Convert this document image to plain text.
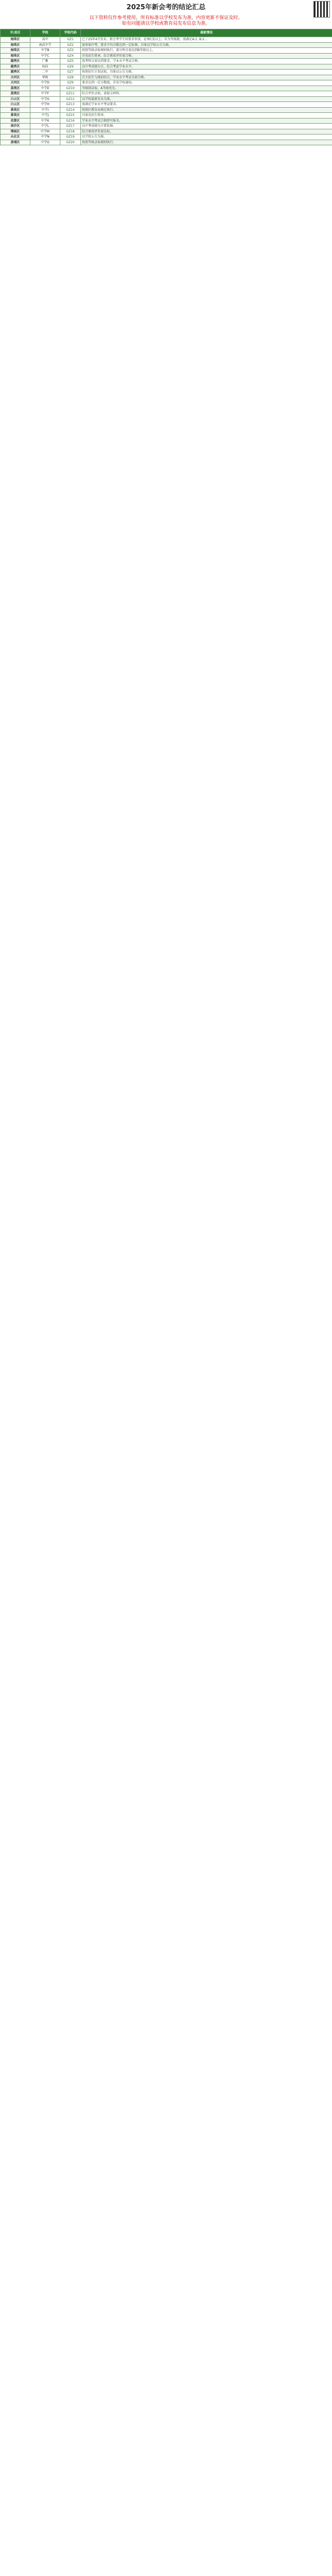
2025年新会考的结论汇总
以下资料仅作参考使用，所有标准以学校发布为准，内容更新不保证及时。
如有问题请以学校或教育局发布信息为准。
市/县区	学校	学校代码	最新情况
海珠区	高中	GZ1	已于25年4月发布，新会考学生按要求参加，必须C及以上。若为等级制，需满足A:1, B:2...
海珠区	南武中学	GZ2	需参加中考，要求平均分数达到一定标准，具体以学校公告为准。
海珠区	中学B	GZ3	按照等级录取规则执行，部分科目需达到B等级以上。
海珠区	中学C	GZ4	详见招生简章，综合素质评价需合格。
越秀区	广雅	GZ5	选考科目需达到要求，学业水平考试合格。
越秀区	执信	GZ6	以中考成绩为主，综合考虑学业水平。
越秀区	二中	GZ7	按照招生计划录取，具体以公告为准。
天河区	华附	GZ8	自主招生与统招结合，学业水平考试全部合格。
天河区	中学D	GZ9	要求达到一定分数线，详见学校通知。
荔湾区	中学E	GZ10	等级制录取，A等级优先。
荔湾区	中学F	GZ11	综合评价录取，需提交材料。
白云区	中学G	GZ12	以学校最新发布为准。
白云区	中学H	GZ13	需满足学业水平考试要求。
番禺区	中学I	GZ14	按照区教育局规定执行。
番禺区	中学J	GZ15	具体见招生简章。
花都区	中学K	GZ16	学业水平考试合格即可报名。
南沙区	中学L	GZ17	以中考成绩为主要依据。
增城区	中学M	GZ18	综合素质评价需达标。
从化区	中学N	GZ19	以学校公告为准。
黄埔区	中学O	GZ20	按照等级录取规则执行。
